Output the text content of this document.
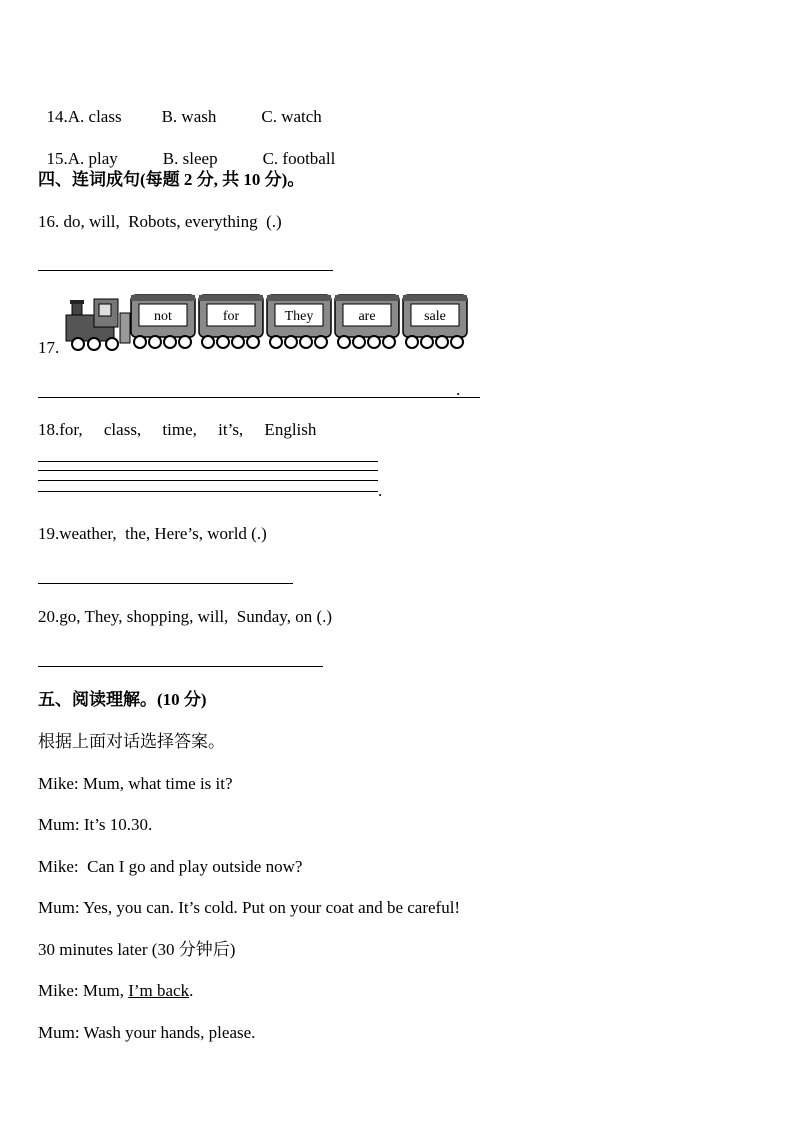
14.A. class B. wash	C. watch

15.A. play	B. sleep	C. football

四、连词成句(每题 2 分, 共 10 分)。
16. do, will,  Robots, everything  (.)
17.
not	for	They	are	sale
.
18.for,     class,     time,     it’s,     English
.
19.weather,  the, Here’s, world (.)
20.go, They, shopping, will,  Sunday, on (.)
五、阅读理解。(10 分)
根据上面对话选择答案。
Mike: Mum, what time is it?
Mum: It’s 10.30.
Mike:  Can I go and play outside now?
Mum: Yes, you can. It’s cold. Put on your coat and be careful!
30 minutes later (30 分钟后)
Mike: Mum, I’m back.
Mum: Wash your hands, please.
